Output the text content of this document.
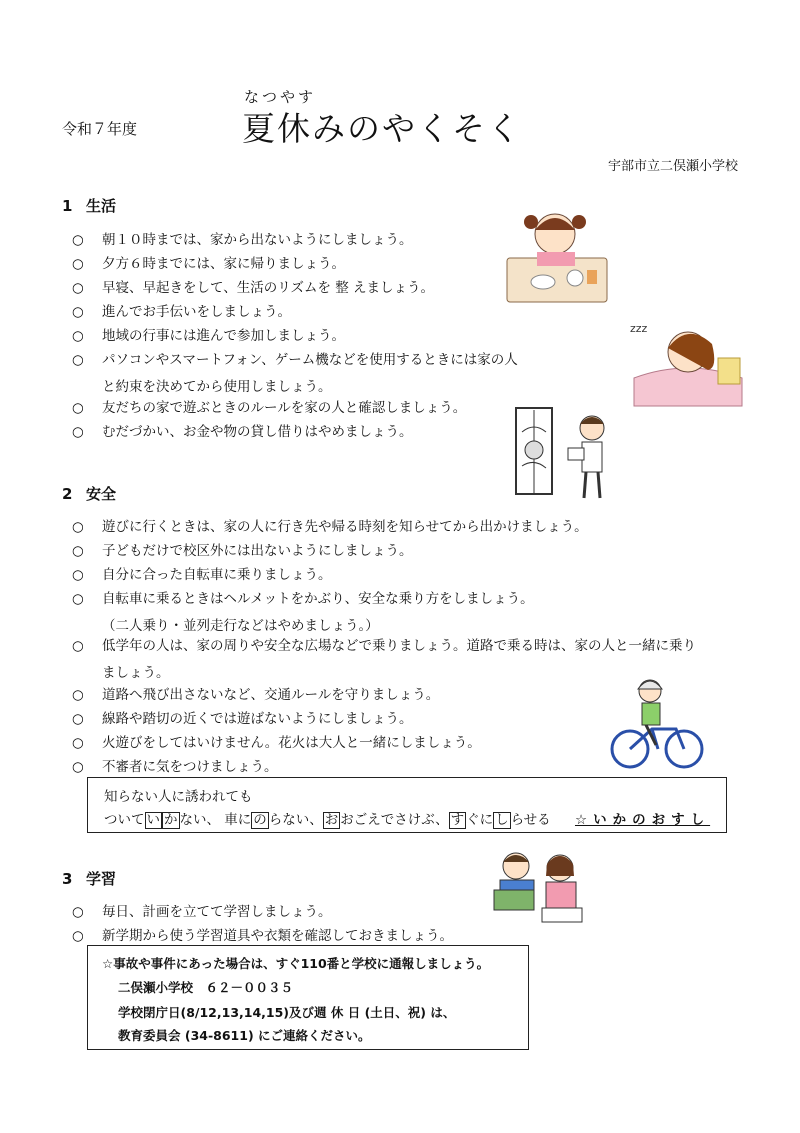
令和７年度
なつやす
夏休みのやくそく
宇部市立二俣瀬小学校
1 生活
○ 朝１０時までは、家から出ないようにしましょう。
○ 夕方６時までには、家に帰りましょう。
○ 早寝、早起きをして、生活のリズムを 整 えましょう。
○ 進んでお手伝いをしましょう。
○ 地域の行事には進んで参加しましょう。
○ パソコンやスマートフォン、ゲーム機などを使用するときには家の人
と約束を決めてから使用しましょう。
○ 友だちの家で遊ぶときのルールを家の人と確認しましょう。
○ むだづかい、お金や物の貸し借りはやめましょう。
2 安全
○ 遊びに行くときは、家の人に行き先や帰る時刻を知らせてから出かけましょう。
○ 子どもだけで校区外には出ないようにしましょう。
○ 自分に合った自転車に乗りましょう。
○ 自転車に乗るときはヘルメットをかぶり、安全な乗り方をしましょう。
（二人乗り・並列走行などはやめましょう。）
○ 低学年の人は、家の周りや安全な広場などで乗りましょう。道路で乗る時は、家の人と一緒に乗り
ましょう。
○ 道路へ飛び出さないなど、交通ルールを守りましょう。
○ 線路や踏切の近くでは遊ばないようにしましょう。
○ 火遊びをしてはいけません。花火は大人と一緒にしましょう。
○ 不審者に気をつけましょう。
知らない人に誘われても
ついて い か ない、 車に の らない、 お おごえでさけぶ、 す ぐに し らせる ☆いかのおすし
3 学習
○ 毎日、計画を立てて学習しましょう。
○ 新学期から使う学習道具や衣類を確認しておきましょう。
☆事故や事件にあった場合は、すぐ110番と学校に通報しましょう。
二俣瀬小学校　６２－００３５
学校閉庁日(8/12,13,14,15)及び週 休 日 (土日、祝) は、
教育委員会 (34-8611) にご連絡ください。
zzz
